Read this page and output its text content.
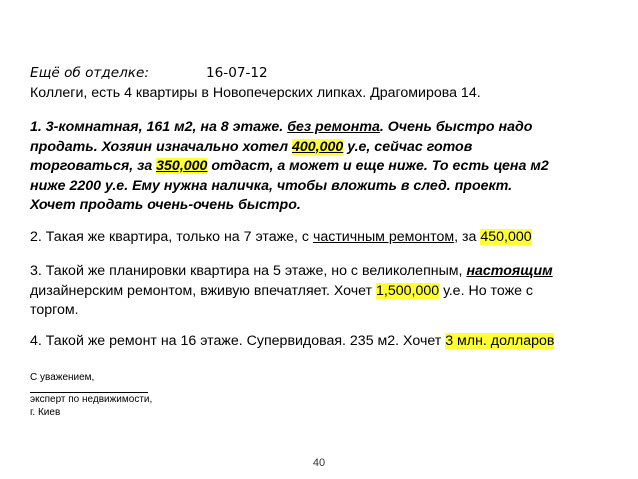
Ещё об отделке:	16-07-12
Коллеги, есть 4 квартиры в Новопечерских липках. Драгомирова 14.
1. 3-комнатная, 161 м2, на 8 этаже. без ремонта. Очень быстро надо
продать. Хозяин изначально хотел 400,000 у.е, сейчас готов
торговаться, за 350,000 отдаст, а может и еще ниже. То есть цена м2
ниже 2200 у.е. Ему нужна наличка, чтобы вложить в след. проект.
Хочет продать очень-очень быстро.
2. Такая же квартира, только на 7 этаже, с частичным ремонтом, за 450,000
3. Такой же планировки квартира на 5 этаже, но с великолепным, настоящим
дизайнерским ремонтом, вживую впечатляет. Хочет 1,500,000 у.е. Но тоже с
торгом.
4. Такой же ремонт на 16 этаже. Супервидовая. 235 м2. Хочет 3 млн. долларов
С уважением,
эксперт по недвижимости,
г. Киев
40
